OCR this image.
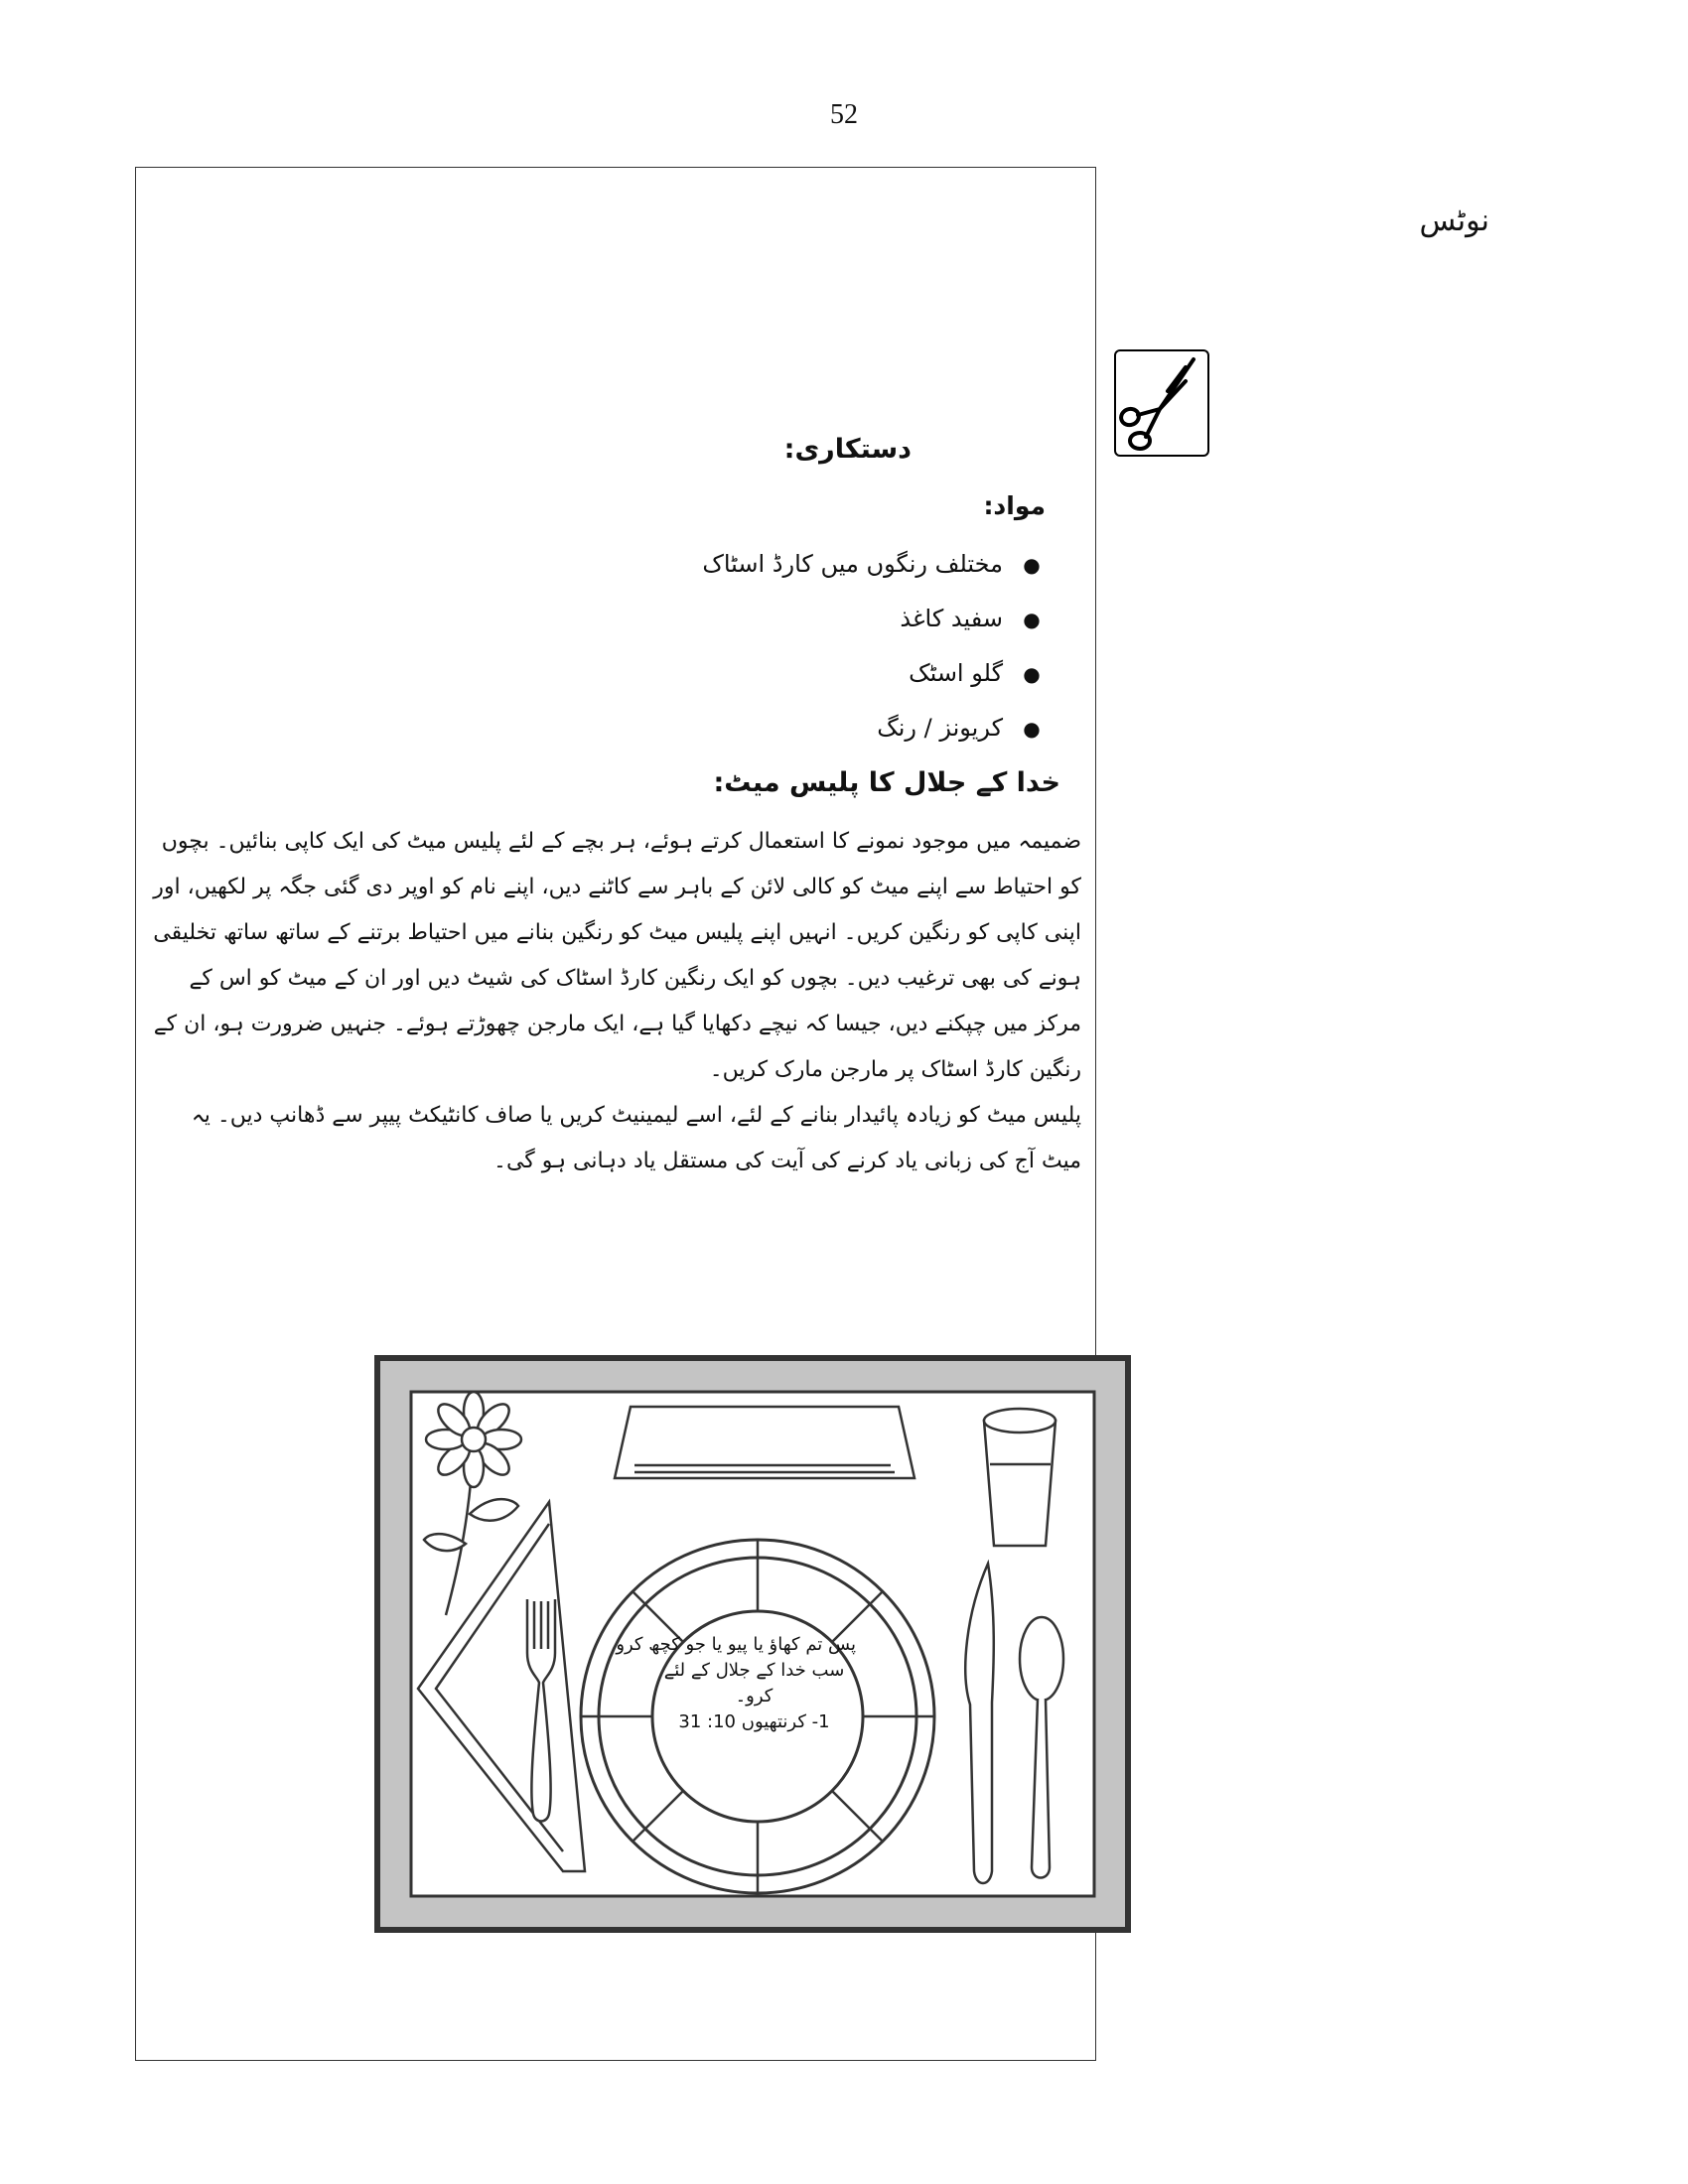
52
نوٹس
دستکاری:
مواد:
●مختلف رنگوں میں کارڈ اسٹاک
●سفید کاغذ
●گلو اسٹک
●کریونز / رنگ
خدا کے جلال کا پلیس میٹ:

ضمیمہ میں موجود نمونے کا استعمال کرتے ہوئے، ہر بچے کے لئے پلیس میٹ کی ایک کاپی بنائیں۔ بچوں کو احتیاط سے اپنے میٹ کو کالی لائن کے باہر سے کاٹنے دیں، اپنے نام کو اوپر دی گئی جگہ پر لکھیں، اور اپنی کاپی کو رنگین کریں۔ انہیں اپنے پلیس میٹ کو رنگین بنانے میں احتیاط برتنے کے ساتھ ساتھ تخلیقی ہونے کی بھی ترغیب دیں۔ بچوں کو ایک رنگین کارڈ اسٹاک کی شیٹ دیں اور ان کے میٹ کو اس کے مرکز میں چپکنے دیں، جیسا کہ نیچے دکھایا گیا ہے، ایک مارجن چھوڑتے ہوئے۔ جنہیں ضرورت ہو، ان کے رنگین کارڈ اسٹاک پر مارجن مارک کریں۔

پلیس میٹ کو زیادہ پائیدار بنانے کے لئے، اسے لیمینیٹ کریں یا صاف کانٹیکٹ پیپر سے ڈھانپ دیں۔ یہ میٹ آج کی زبانی یاد کرنے کی آیت کی مستقل یاد دہانی ہو گی۔

پس تم کھاؤ یا پیو یا جو کچھ کرو
سب خدا کے جلال کے لئے
کرو۔
1- کرنتھیوں 10: 31
